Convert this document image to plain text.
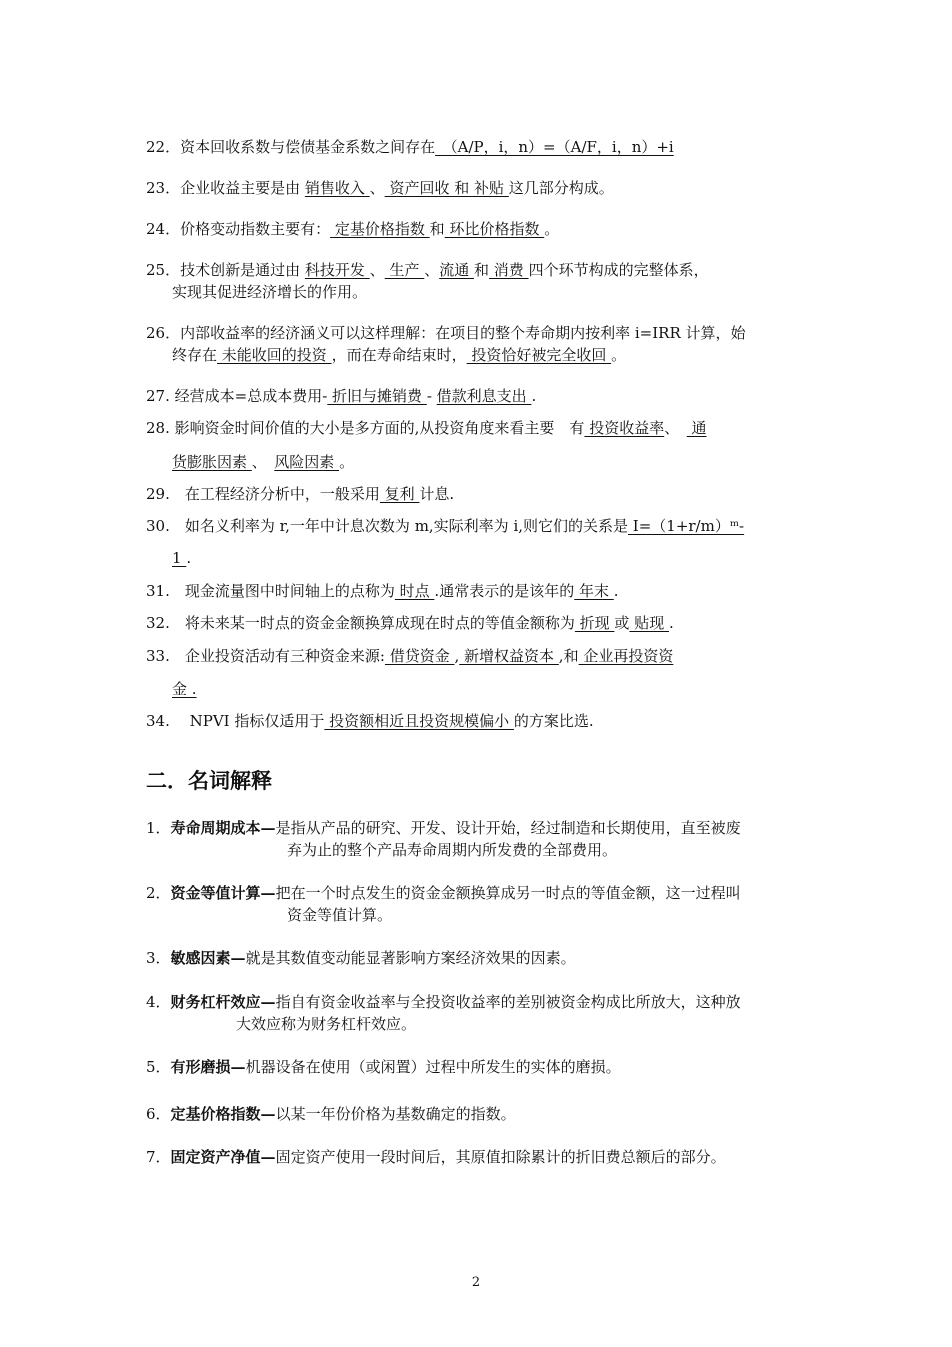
22．资本回收系数与偿债基金系数之间存在　（A/P，i，n）=（A/F，i，n）+i
23．企业收益主要是由 销售收入 、 资产回收 和 补贴 这几部分构成。
24．价格变动指数主要有： 定基价格指数 和 环比价格指数 。
25．技术创新是通过由 科技开发 、 生产 、流通 和 消费 四个环节构成的完整体系，
实现其促进经济增长的作用。
26．内部收益率的经济涵义可以这样理解：在项目的整个寿命期内按利率 i=IRR 计算，始
终存在 未能收回的投资 ，而在寿命结束时， 投资恰好被完全收回 。
27. 经营成本=总成本费用- 折旧与摊销费 - 借款利息支出 .
28. 影响资金时间价值的大小是多方面的,从投资角度来看主要　有 投资收益率、　 通
货膨胀因素 、　风险因素 。
29.　在工程经济分析中，一般采用 复利 计息.
30.　如名义利率为 r,一年中计息次数为 m,实际利率为 i,则它们的关系是 I=（1+r/m）ᵐ-
1 .
31.　现金流量图中时间轴上的点称为 时点 .通常表示的是该年的 年末 .
32.　将未来某一时点的资金金额换算成现在时点的等值金额称为 折现 或 贴现 .
33.　企业投资活动有三种资金来源: 借贷资金 , 新增权益资本 ,和 企业再投资资
金 .
34.　 NPVI 指标仅适用于 投资额相近且投资规模偏小 的方案比选.
二．名词解释
1．寿命周期成本—是指从产品的研究、开发、设计开始，经过制造和长期使用，直至被废
弃为止的整个产品寿命周期内所发费的全部费用。
2．资金等值计算—把在一个时点发生的资金金额换算成另一时点的等值金额，这一过程叫
资金等值计算。
3．敏感因素—就是其数值变动能显著影响方案经济效果的因素。
4．财务杠杆效应—指自有资金收益率与全投资收益率的差别被资金构成比所放大，这种放
大效应称为财务杠杆效应。
5．有形磨损—机器设备在使用（或闲置）过程中所发生的实体的磨损。
6．定基价格指数—以某一年份价格为基数确定的指数。
7．固定资产净值—固定资产使用一段时间后，其原值扣除累计的折旧费总额后的部分。
2
